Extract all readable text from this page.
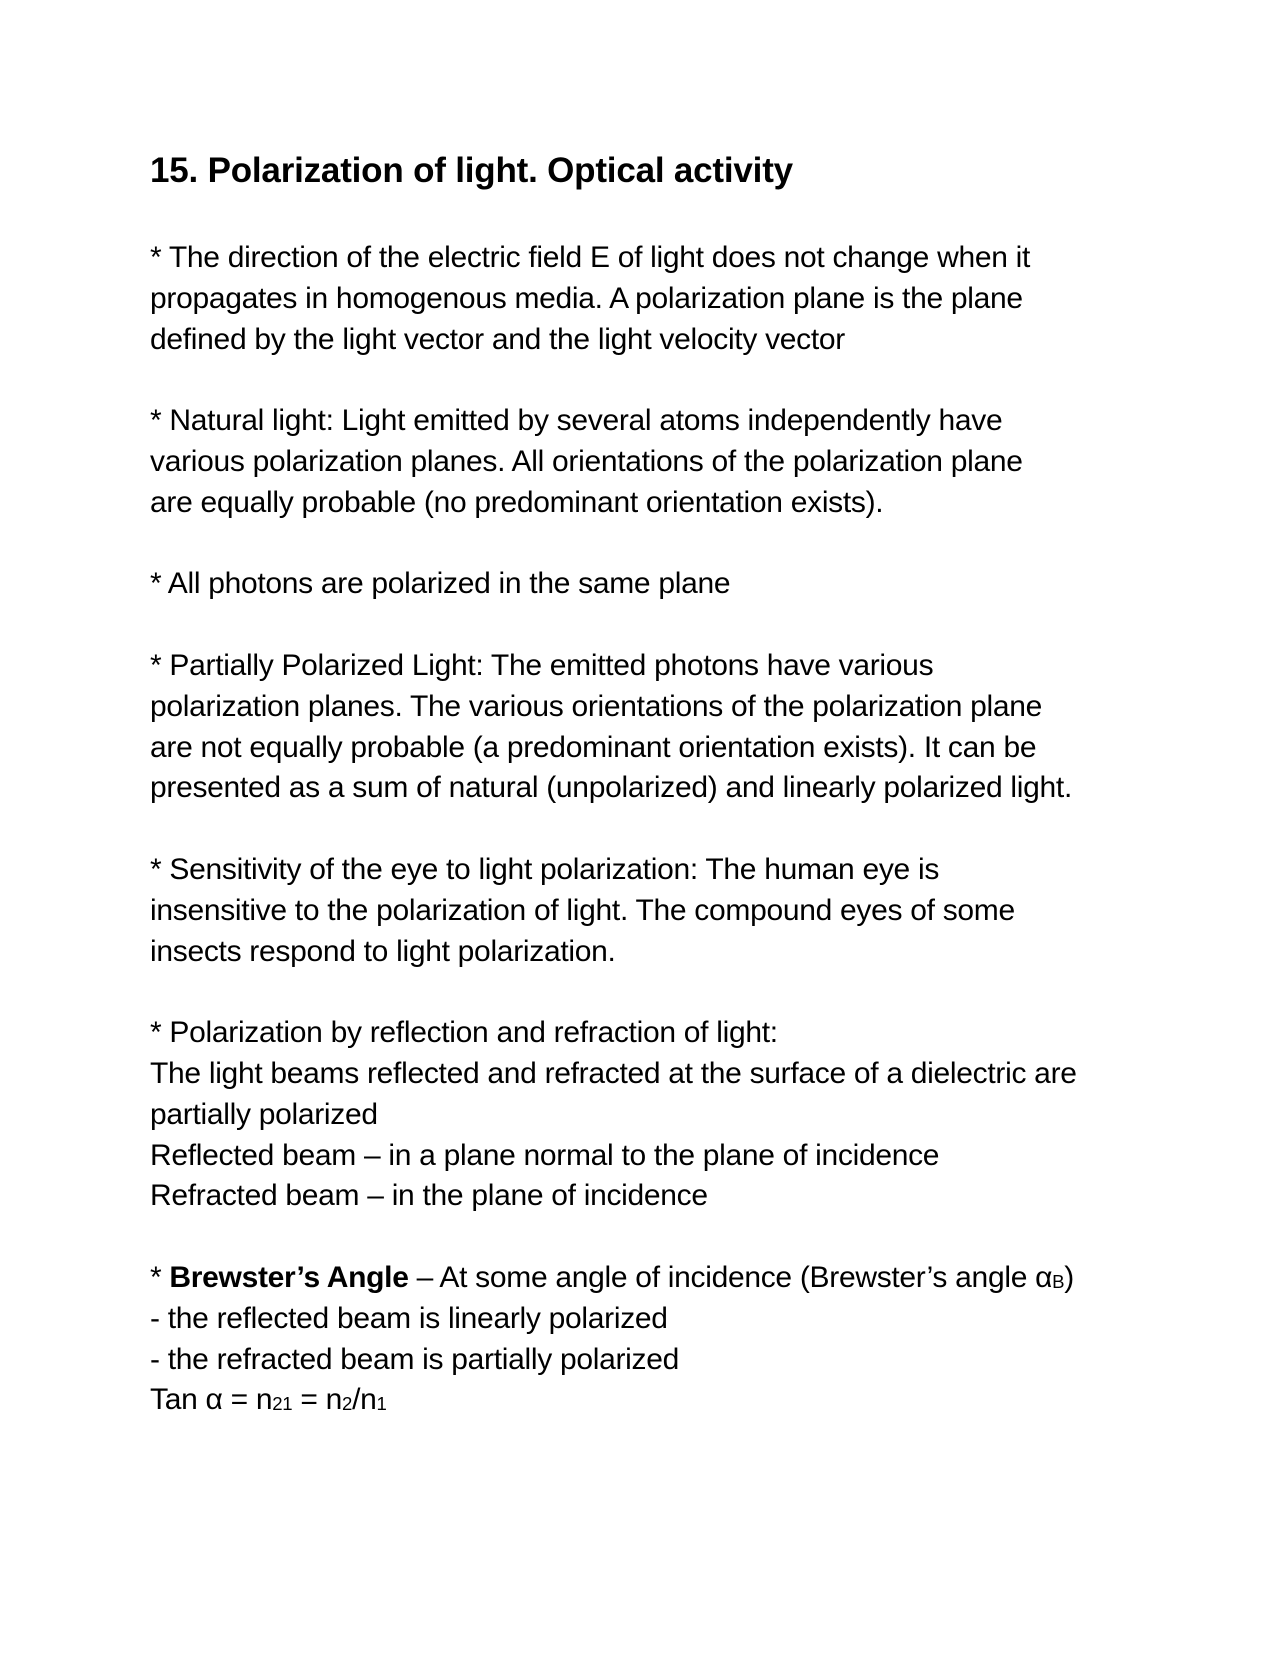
15. Polarization of light. Optical activity
* The direction of the electric field E of light does not change when it
propagates in homogenous media. A polarization plane is the plane
defined by the light vector and the light velocity vector
* Natural light: Light emitted by several atoms independently have
various polarization planes. All orientations of the polarization plane
are equally probable (no predominant orientation exists).
* All photons are polarized in the same plane
* Partially Polarized Light: The emitted photons have various
polarization planes. The various orientations of the polarization plane
are not equally probable (a predominant orientation exists). It can be
presented as a sum of natural (unpolarized) and linearly polarized light.
* Sensitivity of the eye to light polarization: The human eye is
insensitive to the polarization of light. The compound eyes of some
insects respond to light polarization.
* Polarization by reflection and refraction of light:
The light beams reflected and refracted at the surface of a dielectric are
partially polarized
Reflected beam – in a plane normal to the plane of incidence
Refracted beam – in the plane of incidence
* Brewster’s Angle – At some angle of incidence (Brewster’s angle $\alpha_B$)
- the reflected beam is linearly polarized
- the refracted beam is partially polarized
Tan $\alpha = n_{21} = n_2/n_1$
